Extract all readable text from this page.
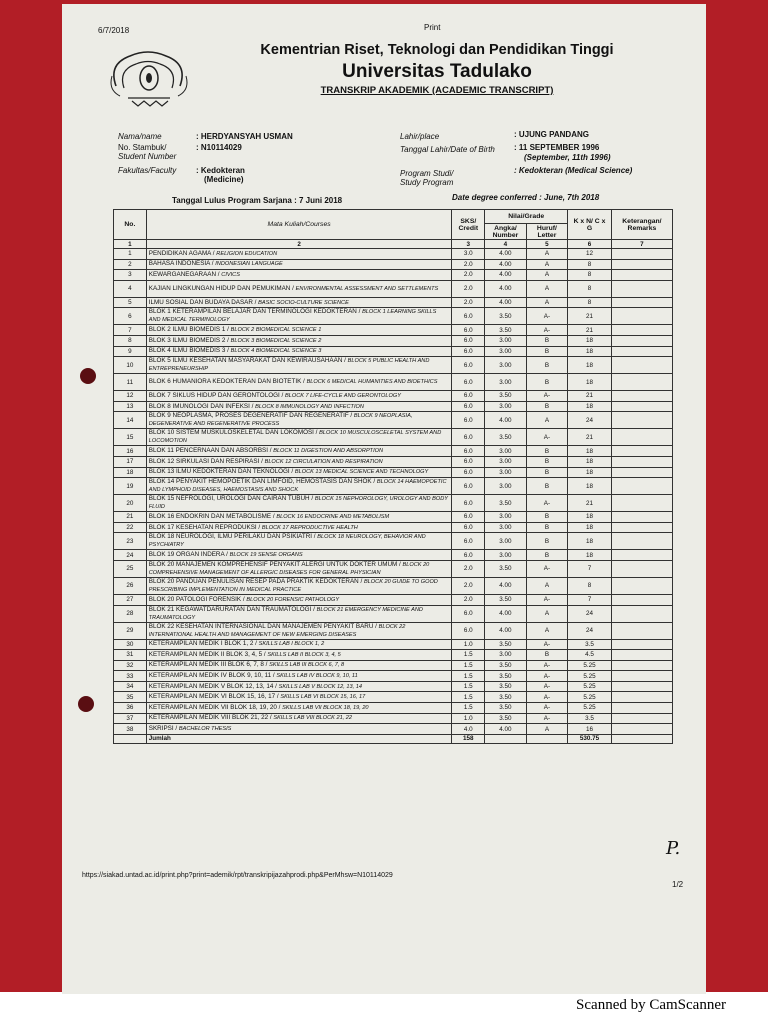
6/7/2018	Print
Kementrian Riset, Teknologi dan Pendidikan Tinggi
Universitas Tadulako
TRANSKRIP AKADEMIK (ACADEMIC TRANSCRIPT)
Nama/name	: HERDYANSYAH USMAN
No. Stambuk/
Student Number
: N10114029
Fakultas/Faculty : Kedokteran
(Medicine)
Lahir/place	: UJUNG PANDANG
Tanggal Lahir/Date of Birth : 11 SEPTEMBER 1996
(September, 11th 1996)
Program Studi/
Study Program
: Kedokteran (Medical Science)
Tanggal Lulus Program Sarjana : 7 Juni 2018	Date degree conferred : June, 7th 2018
No.	Mata Kuliah/Courses	SKS/ Credit	Nilai/Grade		K x N/ C x G	Keterangan/ Remarks
			Angka/ Number	Huruf/ Letter		
1	2	3	4	5	6	7
1	PENDIDIKAN AGAMA / RELIGION EDUCATION	3.0	4.00	A	12	
2	BAHASA INDONESIA / INDONESIAN LANGUAGE	2.0	4.00	A	8	
3	KEWARGANEGARAAN / CIVICS	2.0	4.00	A	8	
4	KAJIAN LINGKUNGAN HIDUP DAN PEMUKIMAN / ENVIRONMENTAL ASSESSMENT AND SETTLEMENTS	2.0	4.00	A	8	
5	ILMU SOSIAL DAN BUDAYA DASAR / BASIC SOCIO-CULTURE SCIENCE	2.0	4.00	A	8	
6	BLOK 1 KETERAMPILAN BELAJAR DAN TERMINOLOGI KEDOKTERAN / BLOCK 1 LEARNING SKILLS AND MEDICAL TERMINOLOGY	6.0	3.50	A-	21	
7	BLOK 2 ILMU BIOMEDIS 1 / BLOCK 2 BIOMEDICAL SCIENCE 1	6.0	3.50	A-	21	
8	BLOK 3 ILMU BIOMEDIS 2 / BLOCK 3 BIOMEDICAL SCIENCE 2	6.0	3.00	B	18	
9	BLOK 4 ILMU BIOMEDIS 3 / BLOCK 4 BIOMEDICAL SCIENCE 3	6.0	3.00	B	18	
10	BLOK 5 ILMU KESEHATAN MASYARAKAT DAN KEWIRAUSAHAAN / BLOCK 5 PUBLIC HEALTH AND ENTREPRENEURSHIP	6.0	3.00	B	18	
11	BLOK 6 HUMANIORA KEDOKTERAN DAN BIOTETIK / BLOCK 6 MEDICAL HUMANITIES AND BIOETHICS	6.0	3.00	B	18	
12	BLOK 7 SIKLUS HIDUP DAN GERONTOLOGI / BLOCK 7 LIFE-CYCLE AND GERONTOLOGY	6.0	3.50	A-	21	
13	BLOK 8 IMUNOLOGI DAN INFEKSI / BLOCK 8 IMMUNOLOGY AND INFECTION	6.0	3.00	B	18	
14	BLOK 9 NEOPLASMA, PROSES DEGENERATIF DAN REGENERATIF / BLOCK 9 NEOPLASIA, DEGENERATIVE AND REGENERATIVE PROCESS	6.0	4.00	A	24	
15	BLOK 10 SISTEM MUSKULOSKELETAL DAN LOKOMOSI / BLOCK 10 MUSCULOSCELETAL SYSTEM AND LOCOMOTION	6.0	3.50	A-	21	
16	BLOK 11 PENCERNAAN DAN ABSORBSI / BLOCK 11 DIGESTION AND ABSORPTION	6.0	3.00	B	18	
17	BLOK 12 SIRKULASI DAN RESPIRASI / BLOCK 12 CIRCULATION AND RESPIRATION	6.0	3.00	B	18	
18	BLOK 13 ILMU KEDOKTERAN DAN TEKNOLOGI / BLOCK 13 MEDICAL SCIENCE AND TECHNOLOGY	6.0	3.00	B	18	
19	BLOK 14 PENYAKIT HEMOPOETIK DAN LIMFOID, HEMOSTASIS DAN SHOK / BLOCK 14 HAEMOPOETIC AND LYMPHOID DISEASES, HAEMOSTASIS AND SHOCK	6.0	3.00	B	18	
20	BLOK 15 NEFROLOGI, UROLOGI DAN CAIRAN TUBUH / BLOCK 15 NEPHOROLOGY, UROLOGY AND BODY FLUID	6.0	3.50	A-	21	
21	BLOK 16 ENDOKRIN DAN METABOLISME / BLOCK 16 ENDOCRINE AND METABOLISM	6.0	3.00	B	18	
22	BLOK 17 KESEHATAN REPRODUKSI / BLOCK 17 REPRODUCTIVE HEALTH	6.0	3.00	B	18	
23	BLOK 18 NEUROLOGI, ILMU PERILAKU DAN PSIKIATRI / BLOCK 18 NEUROLOGY, BEHAVIOR AND PSYCHIATRY	6.0	3.00	B	18	
24	BLOK 19 ORGAN INDERA / BLOCK 19 SENSE ORGANS	6.0	3.00	B	18	
25	BLOK 20 MANAJEMEN KOMPREHENSIF PENYAKIT ALERGI UNTUK DOKTER UMUM / BLOCK 20 COMPREHENSIVE MANAGEMENT OF ALLERGIC DISEASES FOR GENERAL PHYSICIAN	2.0	3.50	A-	7	
26	BLOK 20 PANDUAN PENULISAN RESEP PADA PRAKTIK KEDOKTERAN / BLOCK 20 GUIDE TO GOOD PRESCRIBING IMPLEMENTATION IN MEDICAL PRACTICE	2.0	4.00	A	8	
27	BLOK 20 PATOLOGI FORENSIK / BLOCK 20 FORENSIC PATHOLOGY	2.0	3.50	A-	7	
28	BLOK 21 KEGAWATDARURATAN DAN TRAUMATOLOGI / BLOCK 21 EMERGENCY MEDICINE AND TRAUMATOLOGY	6.0	4.00	A	24	
29	BLOK 22 KESEHATAN INTERNASIONAL DAN MANAJEMEN PENYAKIT BARU / BLOCK 22 INTERNATIONAL HEALTH AND MANAGEMENT OF NEW EMERGING DISEASES	6.0	4.00	A	24	
30	KETERAMPILAN MEDIK I BLOK 1, 2 / SKILLS LAB I BLOCK 1, 2	1.0	3.50	A-	3.5	
31	KETERAMPILAN MEDIK II BLOK 3, 4, 5 / SKILLS LAB II BLOCK 3, 4, 5	1.5	3.00	B	4.5	
32	KETERAMPILAN MEDIK III BLOK 6, 7, 8 / SKILLS LAB III BLOCK 6, 7, 8	1.5	3.50	A-	5.25	
33	KETERAMPILAN MEDIK IV BLOK 9, 10, 11 / SKILLS LAB IV BLOCK 9, 10, 11	1.5	3.50	A-	5.25	
34	KETERAMPILAN MEDIK V BLOK 12, 13, 14 / SKILLS LAB V BLOCK 12, 13, 14	1.5	3.50	A-	5.25	
35	KETERAMPILAN MEDIK VI BLOK 15, 16, 17 / SKILLS LAB VI BLOCK 15, 16, 17	1.5	3.50	A-	5.25	
36	KETERAMPILAN MEDIK VII BLOK 18, 19, 20 / SKILLS LAB VII BLOCK 18, 19, 20	1.5	3.50	A-	5.25	
37	KETERAMPILAN MEDIK VIII BLOK 21, 22 / SKILLS LAB VIII BLOCK 21, 22	1.0	3.50	A-	3.5	
38	SKRIPSI / BACHELOR THESIS	4.0	4.00	A	16	
	Jumlah	158			530.75	
P.
https://siakad.untad.ac.id/print.php?print=ademik/rpt/transkripijazahprodi.php&PerMhsw=N10114029
1/2
Scanned by CamScanner
